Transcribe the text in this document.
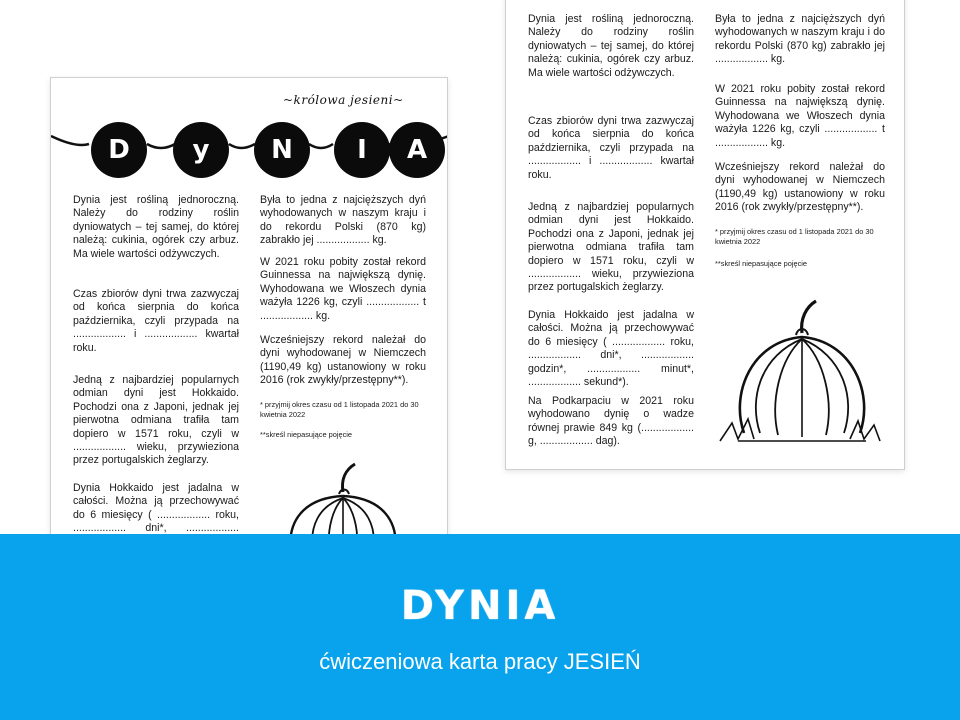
~królowa jesieni~
D	y	N	I	A
Dynia jest rośliną jednoroczną. Należy do rodziny roślin dyniowatych – tej samej, do której należą: cukinia, ogórek czy arbuz. Ma wiele wartości odżywczych.
Czas zbiorów dyni trwa zazwyczaj od końca sierpnia do końca października, czyli przypada na .................. i .................. kwartał roku.
Jedną z najbardziej popularnych odmian dyni jest Hokkaido. Pochodzi ona z Japoni, jednak jej pierwotna odmiana trafiła tam dopiero w 1571 roku, czyli w .................. wieku, przywieziona przez portugalskich żeglarzy.
Dynia Hokkaido jest jadalna w całości. Można ją przechowywać do 6 miesięcy ( .................. roku, .................. dni*, ..................
Była to jedna z najcięższych dyń wyhodowanych w naszym kraju i do rekordu Polski (870 kg) zabrakło jej .................. kg.
W 2021 roku pobity został rekord Guinnessa na największą dynię. Wyhodowana we Włoszech dynia ważyła 1226 kg, czyli .................. t .................. kg.
Wcześniejszy rekord należał do dyni wyhodowanej w Niemczech (1190,49 kg) ustanowiony w roku 2016 (rok zwykły/przestępny**).
* przyjmij okres czasu od 1 listopada 2021 do 30 kwietnia 2022
**skreśl niepasujące pojęcie
Dynia jest rośliną jednoroczną. Należy do rodziny roślin dyniowatych – tej samej, do której należą: cukinia, ogórek czy arbuz. Ma wiele wartości odżywczych.
Czas zbiorów dyni trwa zazwyczaj od końca sierpnia do końca października, czyli przypada na .................. i .................. kwartał roku.
Jedną z najbardziej popularnych odmian dyni jest Hokkaido. Pochodzi ona z Japoni, jednak jej pierwotna odmiana trafiła tam dopiero w 1571 roku, czyli w .................. wieku, przywieziona przez portugalskich żeglarzy.
Dynia Hokkaido jest jadalna w całości. Można ją przechowywać do 6 miesięcy ( .................. roku, .................. dni*, .................. godzin*, .................. minut*, .................. sekund*).
Na Podkarpaciu w 2021 roku wyhodowano dynię o wadze równej prawie 849 kg (.................. g, .................. dag).
Była to jedna z najcięższych dyń wyhodowanych w naszym kraju i do rekordu Polski (870 kg) zabrakło jej .................. kg.
W 2021 roku pobity został rekord Guinnessa na największą dynię. Wyhodowana we Włoszech dynia ważyła 1226 kg, czyli .................. t .................. kg.
Wcześniejszy rekord należał do dyni wyhodowanej w Niemczech (1190,49 kg) ustanowiony w roku 2016 (rok zwykły/przestępny**).
* przyjmij okres czasu od 1 listopada 2021 do 30 kwietnia 2022
**skreśl niepasujące pojęcie
DYNIA
ćwiczeniowa karta pracy JESIEŃ
